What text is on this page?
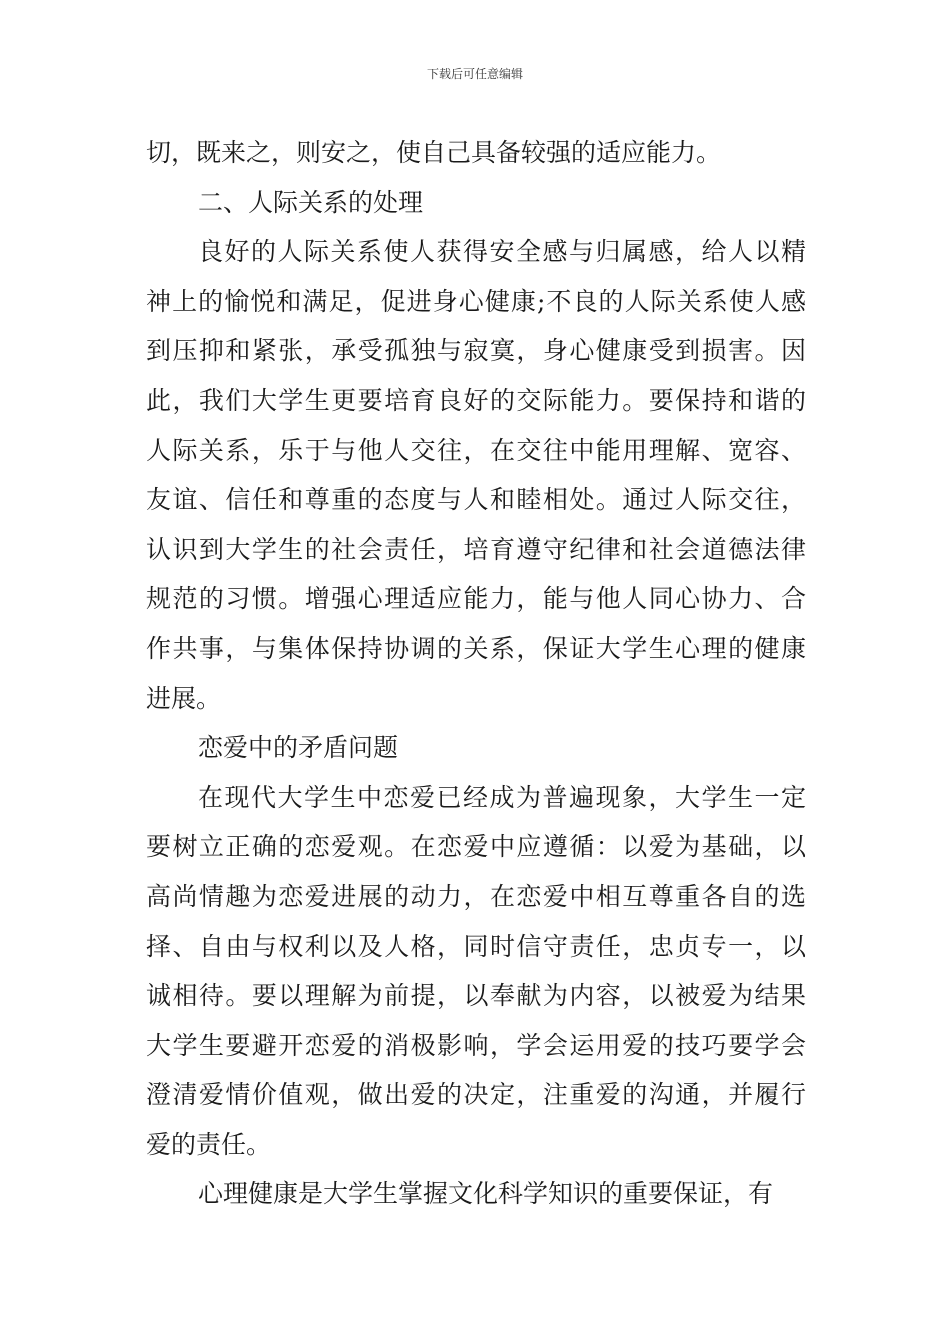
下载后可任意编辑
切，既来之，则安之，使自己具备较强的适应能力。
二、人际关系的处理
良好的人际关系使人获得安全感与归属感，给人以精
神上的愉悦和满足，促进身心健康;不良的人际关系使人感
到压抑和紧张，承受孤独与寂寞，身心健康受到损害。因
此，我们大学生更要培育良好的交际能力。要保持和谐的
人际关系，乐于与他人交往，在交往中能用理解、宽容、
友谊、信任和尊重的态度与人和睦相处。通过人际交往，
认识到大学生的社会责任，培育遵守纪律和社会道德法律
规范的习惯。增强心理适应能力，能与他人同心协力、合
作共事，与集体保持协调的关系，保证大学生心理的健康
进展。
恋爱中的矛盾问题
在现代大学生中恋爱已经成为普遍现象，大学生一定
要树立正确的恋爱观。在恋爱中应遵循：以爱为基础，以
高尚情趣为恋爱进展的动力，在恋爱中相互尊重各自的选
择、自由与权利以及人格，同时信守责任，忠贞专一，以
诚相待。要以理解为前提，以奉献为内容，以被爱为结果
大学生要避开恋爱的消极影响，学会运用爱的技巧要学会
澄清爱情价值观，做出爱的决定，注重爱的沟通，并履行
爱的责任。
心理健康是大学生掌握文化科学知识的重要保证，有
